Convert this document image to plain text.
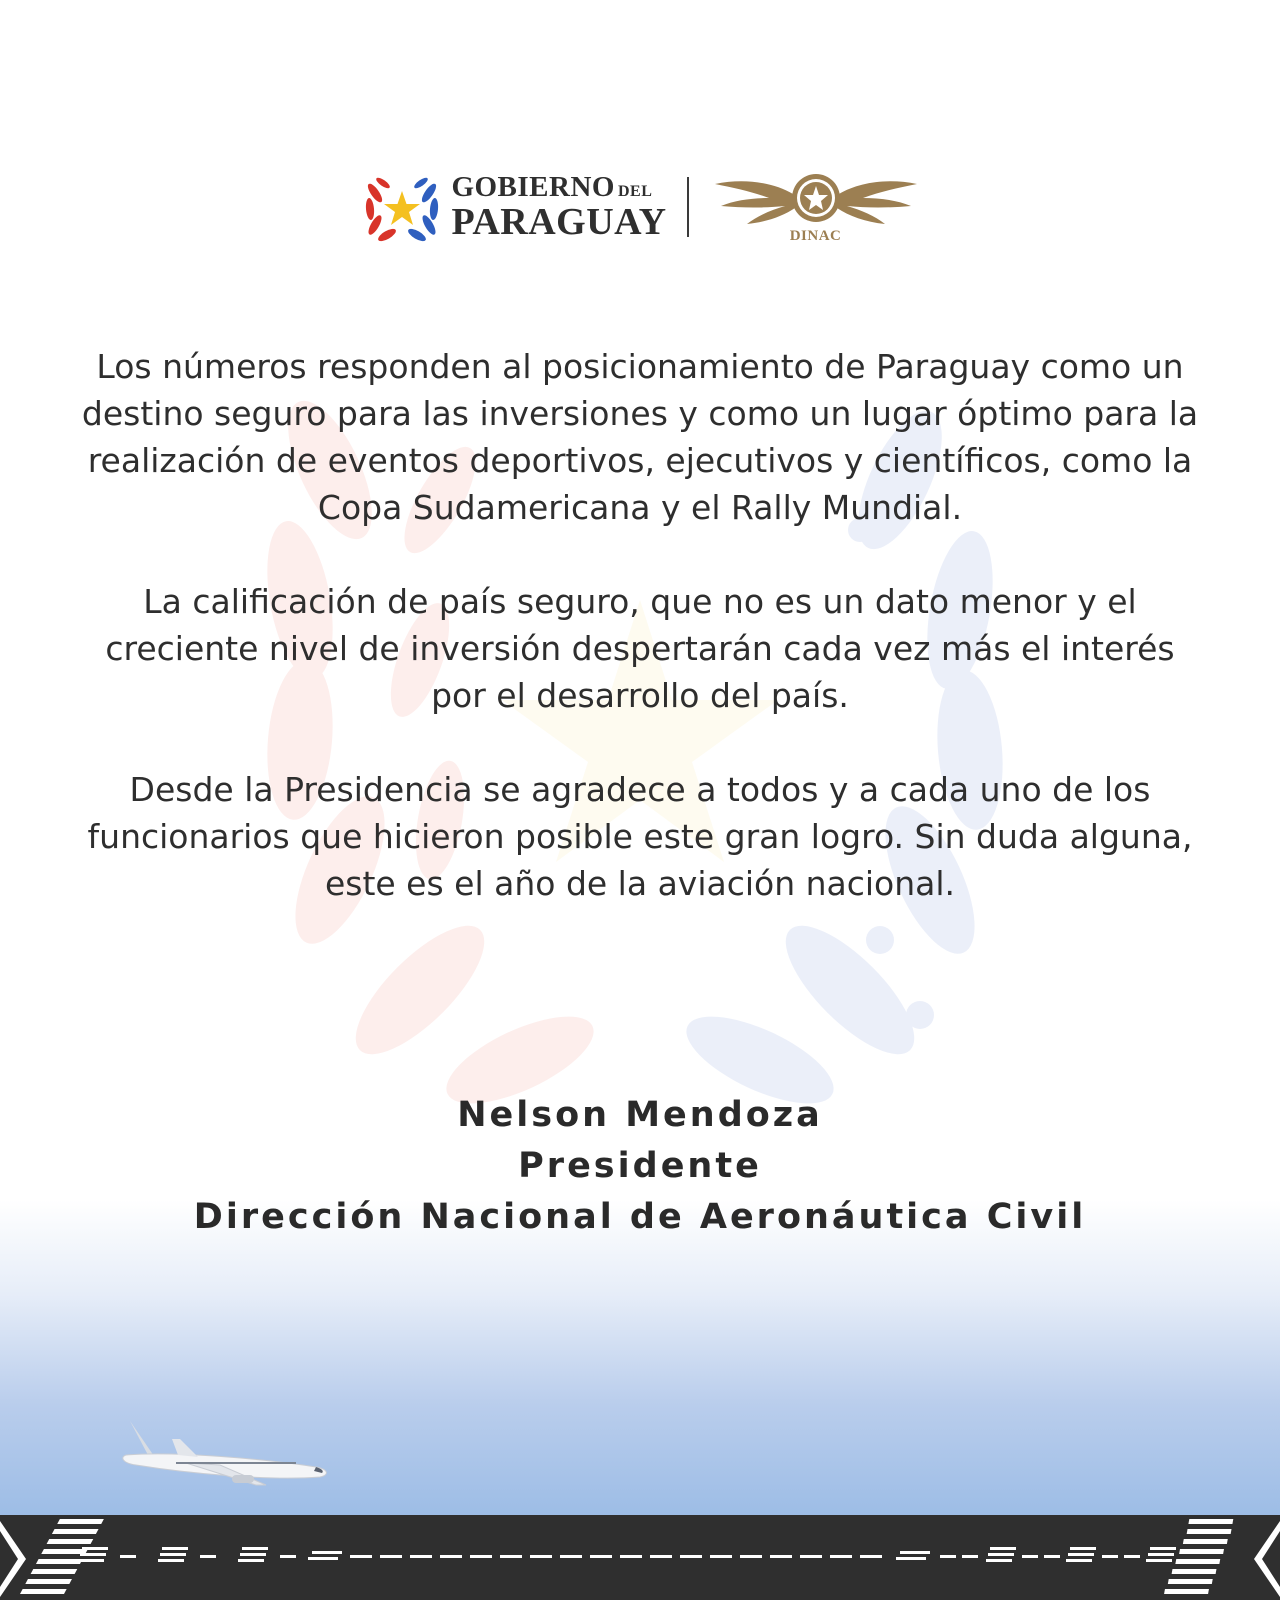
GOBIERNO DEL
PARAGUAY	DINAC

Los números responden al posicionamiento de Paraguay como un destino seguro para las inversiones y como un lugar óptimo para la realización de eventos deportivos, ejecutivos y científicos, como la Copa Sudamericana y el Rally Mundial.

La calificación de país seguro, que no es un dato menor y el creciente nivel de inversión despertarán cada vez más el interés por el desarrollo del país.

Desde la Presidencia se agradece a todos y a cada uno de los funcionarios que hicieron posible este gran logro. Sin duda alguna, este es el año de la aviación nacional.

Nelson Mendoza
Presidente
Dirección Nacional de Aeronáutica Civil
